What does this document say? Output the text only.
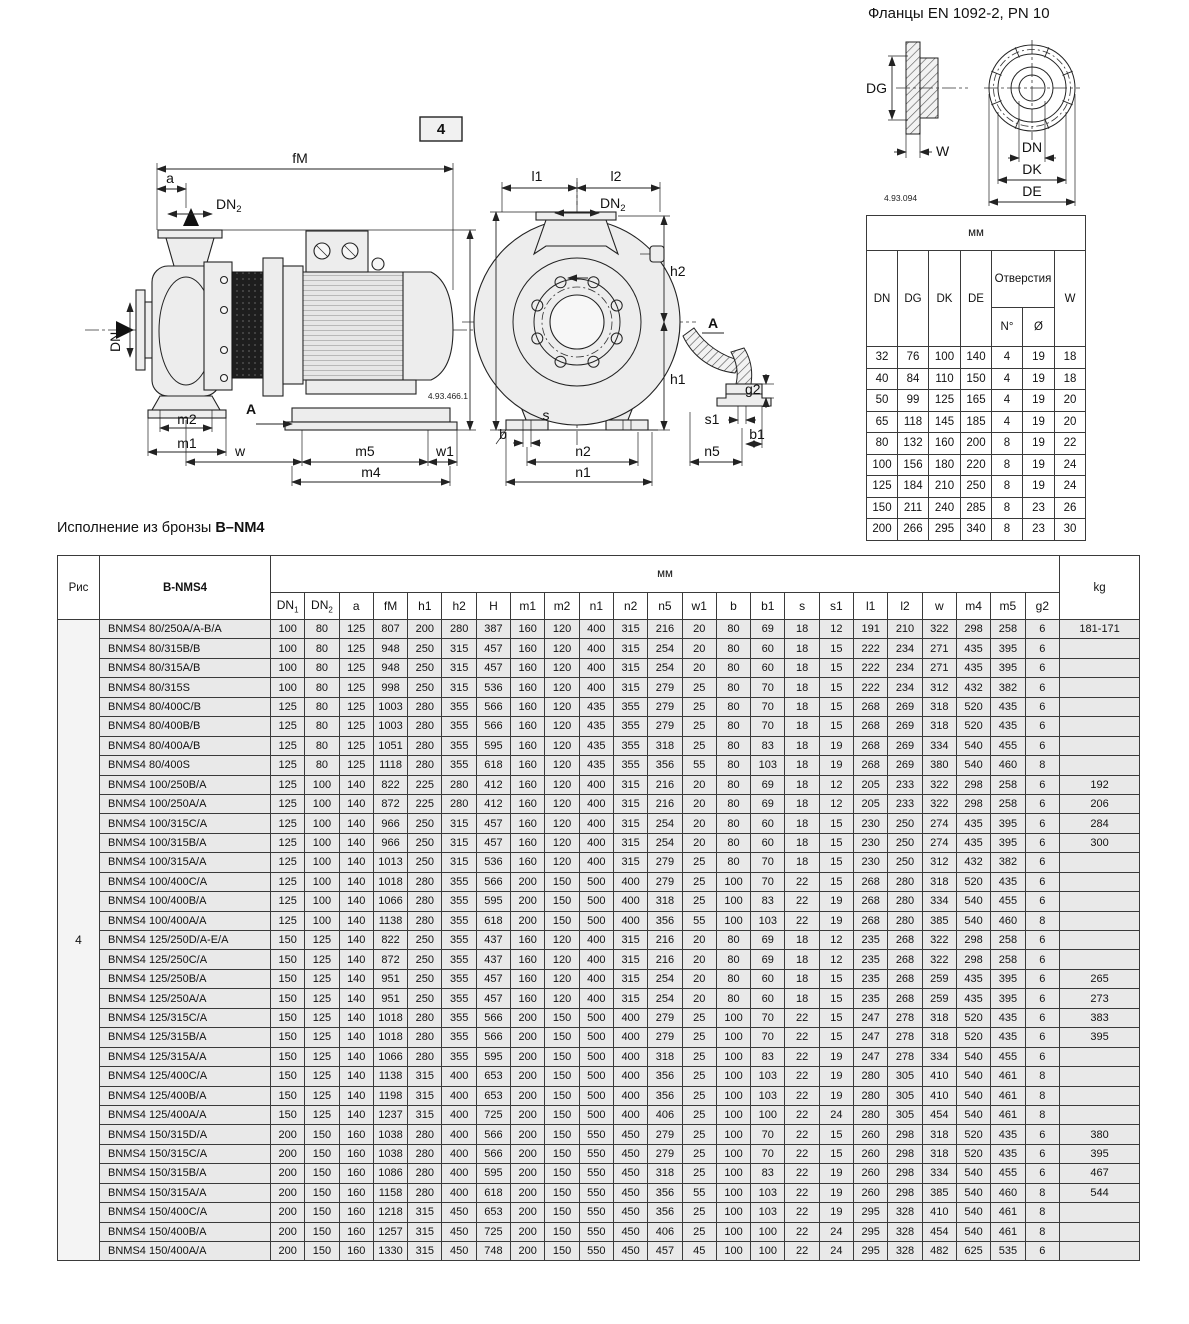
4
A
fM
a
$DN_2$
$DN_1$
m2
m1	w	m5	w1
m4
4.93.466.1
l1	l2
$DN_2$
h2
h1
s
b
n2
n1
A
g2
s1
b1
n5
Фланцы EN 1092-2, PN 10
DG
W	DN
DK
DE
4.93.094
мм						
DN	DG	DK	DE	Отверстия		W
				N°	Ø	
32	76	100	140	4	19	18
40	84	110	150	4	19	18
50	99	125	165	4	19	20
65	118	145	185	4	19	20
80	132	160	200	8	19	22
100	156	180	220	8	19	24
125	184	210	250	8	19	24
150	211	240	285	8	23	26
200	266	295	340	8	23	30
Исполнение из бронзы B–NM4
Рис	B-NMS4	мм																							kg
		$DN_1$	$DN_2$	a	fM	h1	h2	H	m1	m2	n1	n2	n5	w1	b	b1	s	s1	l1	l2	w	m4	m5	g2	
4	BNMS4 80/250A/A-B/A	100	80	125	807	200	280	387	160	120	400	315	216	20	80	69	18	12	191	210	322	298	258	6	181-171
	BNMS4 80/315B/B	100	80	125	948	250	315	457	160	120	400	315	254	20	80	60	18	15	222	234	271	435	395	6	
	BNMS4 80/315A/B	100	80	125	948	250	315	457	160	120	400	315	254	20	80	60	18	15	222	234	271	435	395	6	
	BNMS4 80/315S	100	80	125	998	250	315	536	160	120	400	315	279	25	80	70	18	15	222	234	312	432	382	6	
	BNMS4 80/400C/B	125	80	125	1003	280	355	566	160	120	435	355	279	25	80	70	18	15	268	269	318	520	435	6	
	BNMS4 80/400B/B	125	80	125	1003	280	355	566	160	120	435	355	279	25	80	70	18	15	268	269	318	520	435	6	
	BNMS4 80/400A/B	125	80	125	1051	280	355	595	160	120	435	355	318	25	80	83	18	19	268	269	334	540	455	6	
	BNMS4 80/400S	125	80	125	1118	280	355	618	160	120	435	355	356	55	80	103	18	19	268	269	380	540	460	8	
	BNMS4 100/250B/A	125	100	140	822	225	280	412	160	120	400	315	216	20	80	69	18	12	205	233	322	298	258	6	192
	BNMS4 100/250A/A	125	100	140	872	225	280	412	160	120	400	315	216	20	80	69	18	12	205	233	322	298	258	6	206
	BNMS4 100/315C/A	125	100	140	966	250	315	457	160	120	400	315	254	20	80	60	18	15	230	250	274	435	395	6	284
	BNMS4 100/315B/A	125	100	140	966	250	315	457	160	120	400	315	254	20	80	60	18	15	230	250	274	435	395	6	300
	BNMS4 100/315A/A	125	100	140	1013	250	315	536	160	120	400	315	279	25	80	70	18	15	230	250	312	432	382	6	
	BNMS4 100/400C/A	125	100	140	1018	280	355	566	200	150	500	400	279	25	100	70	22	15	268	280	318	520	435	6	
	BNMS4 100/400B/A	125	100	140	1066	280	355	595	200	150	500	400	318	25	100	83	22	19	268	280	334	540	455	6	
	BNMS4 100/400A/A	125	100	140	1138	280	355	618	200	150	500	400	356	55	100	103	22	19	268	280	385	540	460	8	
	BNMS4 125/250D/A-E/A	150	125	140	822	250	355	437	160	120	400	315	216	20	80	69	18	12	235	268	322	298	258	6	
	BNMS4 125/250C/A	150	125	140	872	250	355	437	160	120	400	315	216	20	80	69	18	12	235	268	322	298	258	6	
	BNMS4 125/250B/A	150	125	140	951	250	355	457	160	120	400	315	254	20	80	60	18	15	235	268	259	435	395	6	265
	BNMS4 125/250A/A	150	125	140	951	250	355	457	160	120	400	315	254	20	80	60	18	15	235	268	259	435	395	6	273
	BNMS4 125/315C/A	150	125	140	1018	280	355	566	200	150	500	400	279	25	100	70	22	15	247	278	318	520	435	6	383
	BNMS4 125/315B/A	150	125	140	1018	280	355	566	200	150	500	400	279	25	100	70	22	15	247	278	318	520	435	6	395
	BNMS4 125/315A/A	150	125	140	1066	280	355	595	200	150	500	400	318	25	100	83	22	19	247	278	334	540	455	6	
	BNMS4 125/400C/A	150	125	140	1138	315	400	653	200	150	500	400	356	25	100	103	22	19	280	305	410	540	461	8	
	BNMS4 125/400B/A	150	125	140	1198	315	400	653	200	150	500	400	356	25	100	103	22	19	280	305	410	540	461	8	
	BNMS4 125/400A/A	150	125	140	1237	315	400	725	200	150	500	400	406	25	100	100	22	24	280	305	454	540	461	8	
	BNMS4 150/315D/A	200	150	160	1038	280	400	566	200	150	550	450	279	25	100	70	22	15	260	298	318	520	435	6	380
	BNMS4 150/315C/A	200	150	160	1038	280	400	566	200	150	550	450	279	25	100	70	22	15	260	298	318	520	435	6	395
	BNMS4 150/315B/A	200	150	160	1086	280	400	595	200	150	550	450	318	25	100	83	22	19	260	298	334	540	455	6	467
	BNMS4 150/315A/A	200	150	160	1158	280	400	618	200	150	550	450	356	55	100	103	22	19	260	298	385	540	460	8	544
	BNMS4 150/400C/A	200	150	160	1218	315	450	653	200	150	550	450	356	25	100	103	22	19	295	328	410	540	461	8	
	BNMS4 150/400B/A	200	150	160	1257	315	450	725	200	150	550	450	406	25	100	100	22	24	295	328	454	540	461	8	
	BNMS4 150/400A/A	200	150	160	1330	315	450	748	200	150	550	450	457	45	100	100	22	24	295	328	482	625	535	6	
